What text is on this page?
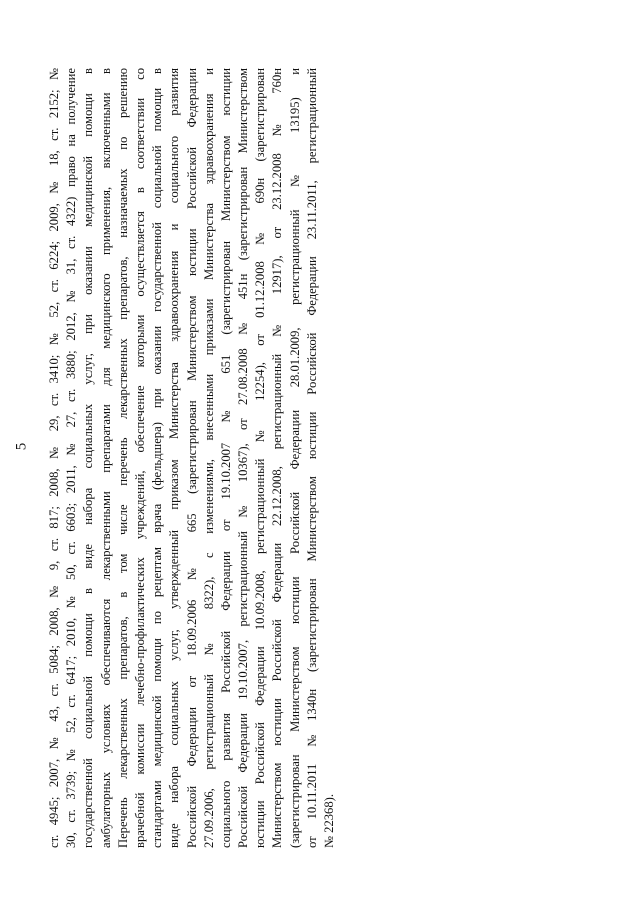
5 ст. 4945; 2007, № 43, ст. 5084; 2008, № 9, ст. 817; 2008, № 29, ст. 3410; № 52, ст. 6224; 2009, № 18, ст. 2152; № 30, ст. 3739; № 52, ст. 6417; 2010, № 50, ст. 6603; 2011, № 27, ст. 3880; 2012, № 31, ст. 4322) право на получение государственной социальной помощи в виде набора социальных услуг, при оказании медицинской помощи в амбулаторных условиях обеспечиваются лекарственными препаратами для медицинского применения, включенными в Перечень лекарственных препаратов, в том числе перечень лекарственных препаратов, назначаемых по решению врачебной комиссии лечебно-профилактических учреждений, обеспечение которыми осуществляется в соответствии со стандартами медицинской помощи по рецептам врача (фельдшера) при оказании государственной социальной помощи в виде набора социальных услуг, утвержденный приказом Министерства здравоохранения и социального развития Российской Федерации от 18.09.2006 № 665 (зарегистрирован Министерством юстиции Российской Федерации 27.09.2006, регистрационный № 8322), с изменениями, внесенными приказами Министерства здравоохранения и социального развития Российской Федерации от 19.10.2007 № 651 (зарегистрирован Министерством юстиции Российской Федерации 19.10.2007, регистрационный № 10367), от 27.08.2008 № 451н (зарегистрирован Министерством юстиции Российской Федерации 10.09.2008, регистрационный № 12254), от 01.12.2008 № 690н (зарегистрирован Министерством юстиции Российской Федерации 22.12.2008, регистрационный № 12917), от 23.12.2008 № 760н (зарегистрирован Министерством юстиции Российской Федерации 28.01.2009, регистрационный № 13195) и от 10.11.2011 №1340н (зарегистрирован Министерством юстиции Российской Федерации 23.11.2011, регистрационный № 22368).
